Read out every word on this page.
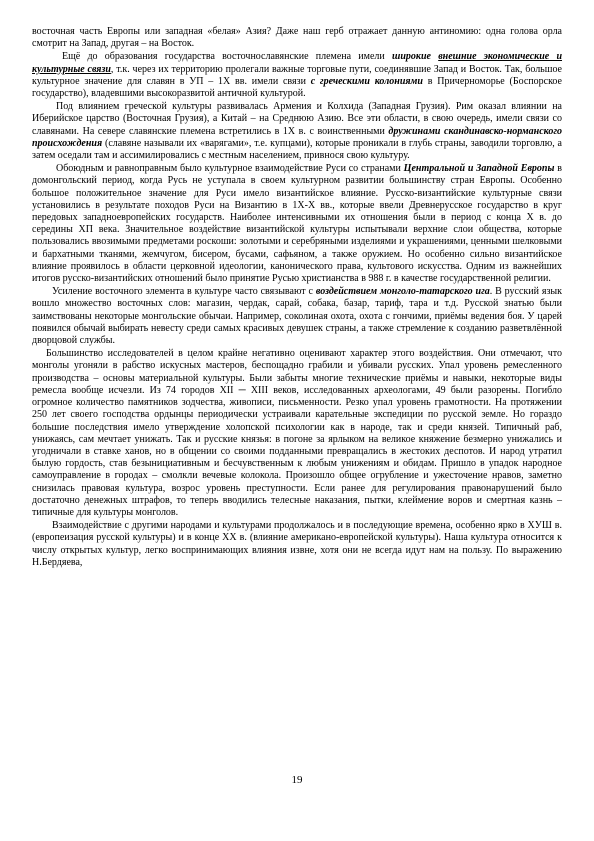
восточная часть Европы или западная «белая» Азия? Даже наш герб отражает данную антиномию: одна голова орла смотрит на Запад, другая – на Восток.

Ещё до образования государства восточнославянские племена имели широкие внешние экономические и культурные связи, т.к. через их территорию пролегали важные торговые пути, соединявшие Запад и Восток. Так, большое культурное значение для славян в УП – 1Х вв. имели связи с греческими колониями в Причерноморье (Боспорское государство), владевшими высокоразвитой античной культурой.

Под влиянием греческой культуры развивалась Армения и Колхида (Западная Грузия). Рим оказал влиянии на Иберийское царство (Восточная Грузия), а Китай – на Среднюю Азию. Все эти области, в свою очередь, имели связи со славянами. На севере славянские племена встретились в 1Х в. с воинственными дружинами скандинавско-норманского происхождения (славяне называли их «варягами», т.е. купцами), которые проникали в глубь страны, заводили торговлю, а затем оседали там и ассимилировались с местным населением, привнося свою культуру.

Обоюдным и равноправным было культурное взаимодействие Руси со странами Центральной и Западной Европы в домонгольский период, когда Русь не уступала в своем культурном развитии большинству стран Европы. Особенно большое положительное значение для Руси имело византийское влияние. Русско-византийские культурные связи установились в результате походов Руси на Византию в 1Х-Х вв., которые ввели Древнерусское государство в круг передовых западноевропейских государств. Наиболее интенсивными их отношения были в период с конца Х в. до середины ХП века. Значительное воздействие византийской культуры испытывали верхние слои общества, которые пользовались ввозимыми предметами роскоши: золотыми и серебряными изделиями и украшениями, ценными шелковыми и бархатными тканями, жемчугом, бисером, бусами, сафьяном, а также оружием. Но особенно сильно византийское влияние проявилось в области церковной идеологии, канонического права, культового искусства. Одним из важнейших итогов русско-византийских отношений было принятие Русью христианства в 988 г. в качестве государственной религии.

Усиление восточного элемента в культуре часто связывают с воздействием монголо-татарского ига. В русский язык вошло множество восточных слов: магазин, чердак, сарай, собака, базар, тариф, тара и т.д. Русской знатью были заимствованы некоторые монгольские обычаи. Например, соколиная охота, охота с гончими, приёмы ведения боя. У царей появился обычай выбирать невесту среди самых красивых девушек страны, а также стремление к созданию разветвлённой дворцовой службы.

Большинство исследователей в целом крайне негативно оценивают характер этого воздействия. Они отмечают, что монголы угоняли в рабство искусных мастеров, беспощадно грабили и убивали русских. Упал уровень ремесленного производства – основы материальной культуры. Были забыты многие технические приёмы и навыки, некоторые виды ремесла вообще исчезли. Из 74 городов XII ─ XIII веков, исследованных археологами, 49 были разорены. Погибло огромное количество памятников зодчества, живописи, письменности. Резко упал уровень грамотности. На протяжении 250 лет своего господства ордынцы периодически устраивали карательные экспедиции по русской земле. Но гораздо большие последствия имело утверждение холопской психологии как в народе, так и среди князей. Типичный раб, унижаясь, сам мечтает унижать. Так и русские князья: в погоне за ярлыком на великое княжение безмерно унижались и угодничали в ставке ханов, но в общении со своими подданными превращались в жестоких деспотов. И народ утратил былую гордость, став безынициативным и бесчувственным к любым унижениям и обидам. Пришло в упадок народное самоуправление в городах – смолкли вечевые колокола. Произошло общее огрубление и ужесточение нравов, заметно снизилась правовая культура, возрос уровень преступности. Если ранее для регулирования правонарушений было достаточно денежных штрафов, то теперь вводились телесные наказания, пытки, клеймение воров и смертная казнь – типичные для культуры монголов.

Взаимодействие с другими народами и культурами продолжалось и в последующие времена, особенно ярко в ХУШ в. (европеизация русской культуры) и в конце ХХ в. (влияние американо-европейской культуры). Наша культура относится к числу открытых культур, легко воспринимающих влияния извне, хотя они не всегда идут нам на пользу. По выражению Н.Бердяева,

19
